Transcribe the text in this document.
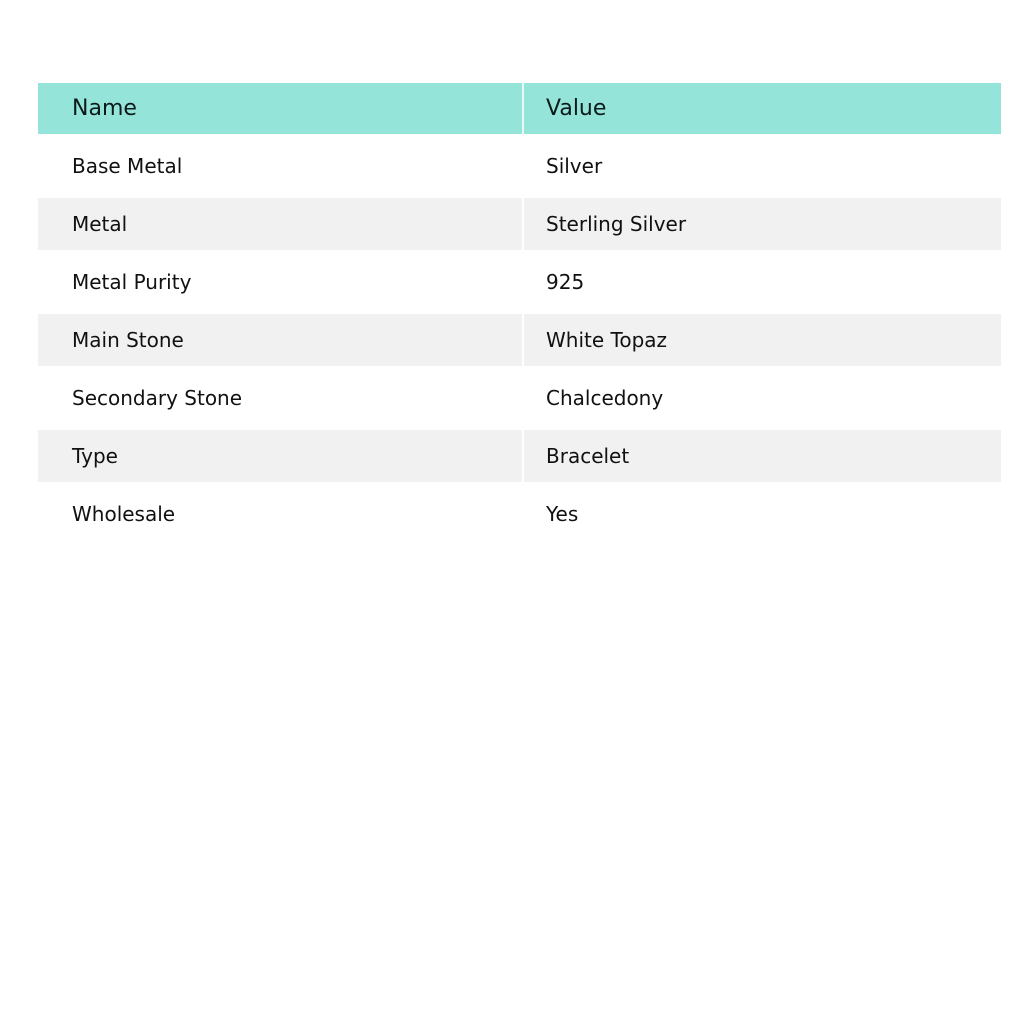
Name	Value
Base Metal	Silver
Metal	Sterling Silver
Metal Purity	925
Main Stone	White Topaz
Secondary Stone	Chalcedony
Type	Bracelet
Wholesale	Yes
